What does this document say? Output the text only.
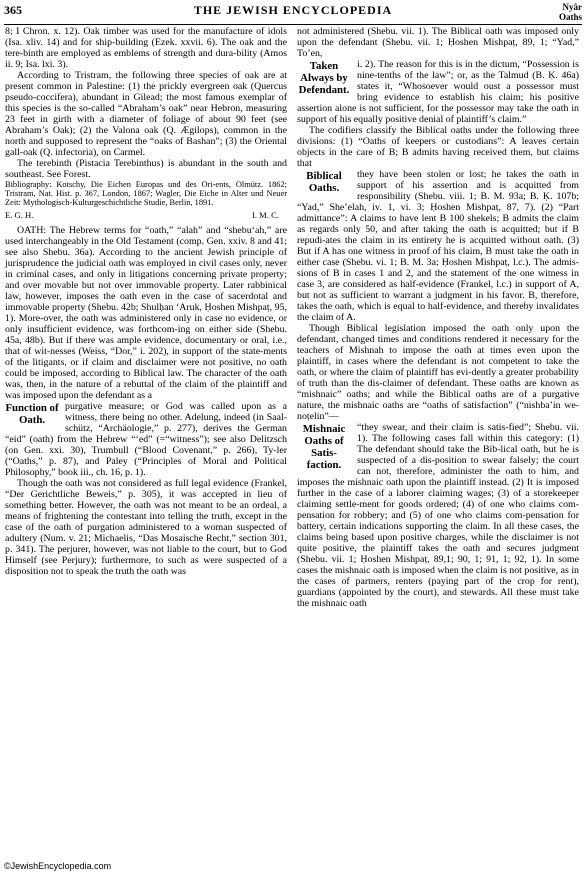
365	THE JEWISH ENCYCLOPEDIA	Nyâr
Oaths

8; I Chron. x. 12). Oak timber was used for the manufacture of idols (Isa. xliv. 14) and for ship-building (Ezek. xxvii. 6). The oak and the tere-binth are employed as emblems of strength and dura-bility (Amos ii. 9; Isa. lxi. 3).

According to Tristram, the following three species of oak are at present common in Palestine: (1) the prickly evergreen oak (Quercus pseudo-coccifera), abundant in Gilead; the most famous exemplar of this species is the so-called “Abraham’s oak” near Hebron, measuring 23 feet in girth with a diameter of foliage of about 90 feet (see Abraham’s Oak); (2) the Valona oak (Q. Ægilops), common in the north and supposed to represent the “oaks of Bashan”; (3) the Oriental gall-oak (Q. infectoria), on Carmel.

The terebinth (Pistacia Terebinthus) is abundant in the south and southeast. See Forest.

Bibliography: Kotschy, Die Eichen Europas und des Ori-ents, Olmütz. 1862; Tristram, Nat. Hist. p. 367, London, 1867; Wagler, Die Eiche in Alter und Neuer Zeit: Mythologisch-Kulturgeschichtliche Studie, Berlin, 1891.

E. G. H.	I. M. C.

OATH: The Hebrew terms for “oath,” “alah” and “shebu‘ah,” are used interchangeably in the Old Testament (comp. Gen. xxiv. 8 and 41; see also Shebu. 36a). According to the ancient Jewish principle of jurisprudence the judicial oath was employed in civil cases only, never in criminal cases, and only in litigations concerning private property; and over movable but not over immovable property. Later rabbinical law, however, imposes the oath even in the case of sacerdotal and immovable property (Shebu. 42b; Shulḥan ‘Aruk, Ḥoshen Mishpaṭ, 95, 1). More-over, the oath was administered only in case no evidence, or only insufficient evidence, was forthcom-ing on either side (Shebu. 45a, 48b). But if there was ample evidence, documentary or oral, i.e., that of wit-nesses (Weiss, “Dor,” i. 202), in support of the state-ments of the litigants, or if claim and disclaimer were not positive, no oath could be imposed, according to Biblical law. The character of the oath was, then, in the nature of a rebuttal of the claim of the plaintiff and was imposed upon the defendant as a

Function of Oath.

purgative measure; or God was called upon as a witness, there being no other. Adelung, indeed (in Saal-schütz, “Archäologie,” p. 277), derives the German “eid” (oath) from the Hebrew “‘ed” (=“witness”); see also Delitzsch (on Gen. xxi. 30), Trumbull (“Blood Covenant,” p. 266), Ty-ler (“Oaths,” p. 87), and Paley (“Principles of Moral and Political Philosophy,” book iii., ch. 16, p. 1).

Though the oath was not considered as full legal evidence (Frankel, “Der Gerichtliche Beweis,” p. 305), it was accepted in lieu of something better. However, the oath was not meant to be an ordeal, a means of frightening the contestant into telling the truth, except in the case of the oath of purgation administered to a woman suspected of adultery (Num. v. 21; Michaelis, “Das Mosaische Recht,” section 301, p. 341). The perjurer, however, was not liable to the court, but to God Himself (see Perjury); furthermore, to such as were suspected of a disposition not to speak the truth the oath was

not administered (Shebu. vii. 1). The Biblical oath was imposed only upon the defendant (Shebu. vii. 1; Ḥoshen Mishpaṭ, 89, 1; “Yad,” To’en,

Taken Always by Defendant.

i. 2). The reason for this is in the dictum, “Possession is nine-tenths of the law”; or, as the Talmud (B. Ḳ. 46a) states it, “Whosoever would oust a possessor must bring evidence to establish his claim; his positive assertion alone is not sufficient, for the possessor may take the oath in support of his equally positive denial of plaintiff’s claim.”

The codifiers classify the Biblical oaths under the following three divisions: (1) “Oaths of keepers or custodians”: A leaves certain objects in the care of B; B admits having received them, but claims that

Biblical Oaths.

they have been stolen or lost; he takes the oath in support of his assertion and is acquitted from responsibility (Shebu. viii. 1; B. M. 93a; B. Ḳ. 107b; “Yad,” She’elah, iv. 1, vi. 3; Ḥoshen Mishpaṭ, 87, 7). (2) “Part admittance”: A claims to have lent B 100 shekels; B admits the claim as regards only 50, and after taking the oath is acquitted; but if B repudi-ates the claim in its entirety he is acquitted without oath. (3) But if A has one witness in proof of his claim, B must take the oath in either case (Shebu. vi. 1; B. M. 3a; Ḥoshen Mishpaṭ, l.c.). The admis-sions of B in cases 1 and 2, and the statement of the one witness in case 3, are considered as half-evidence (Frankel, l.c.) in support of A, but not as sufficient to warrant a judgment in his favor. B, therefore, takes the oath, which is equal to half-evidence, and thereby invalidates the claim of A.

Though Biblical legislation imposed the oath only upon the defendant, changed times and conditions rendered it necessary for the teachers of Mishnah to impose the oath at times even upon the plaintiff, in cases where the defendant is not competent to take the oath, or where the claim of plaintiff has evi-dently a greater probability of truth than the dis-claimer of defendant. These oaths are known as “mishnaic” oaths; and while the Biblical oaths are of a purgative nature, the mishnaic oaths are “oaths of satisfaction” (“nishba’in we-noṭelin”—

Mishnaic Oaths of Satis-faction.

“they swear, and their claim is satis-fied”; Shebu. vii. 1). The following cases fall within this category: (1) The defendant should take the Bib-lical oath, but he is suspected of a dis-position to swear falsely; the court can not, therefore, administer the oath to him, and imposes the mishnaic oath upon the plaintiff instead. (2) It is imposed further in the case of a laborer claiming wages; (3) of a storekeeper claiming settle-ment for goods ordered; (4) of one who claims com-pensation for robbery; and (5) of one who claims com-pensation for battery, certain indications supporting the claim. In all these cases, the claims being based upon positive charges, while the disclaimer is not quite positive, the plaintiff takes the oath and secures judgment (Shebu. vii. 1; Ḥoshen Mishpaṭ, 89,1; 90, 1; 91, 1; 92, 1). In some cases the mishnaic oath is imposed when the claim is not positive, as in the cases of partners, renters (paying part of the crop for rent), guardians (appointed by the court), and stewards. All these must take the mishnaic oath

©JewishEncyclopedia.com
